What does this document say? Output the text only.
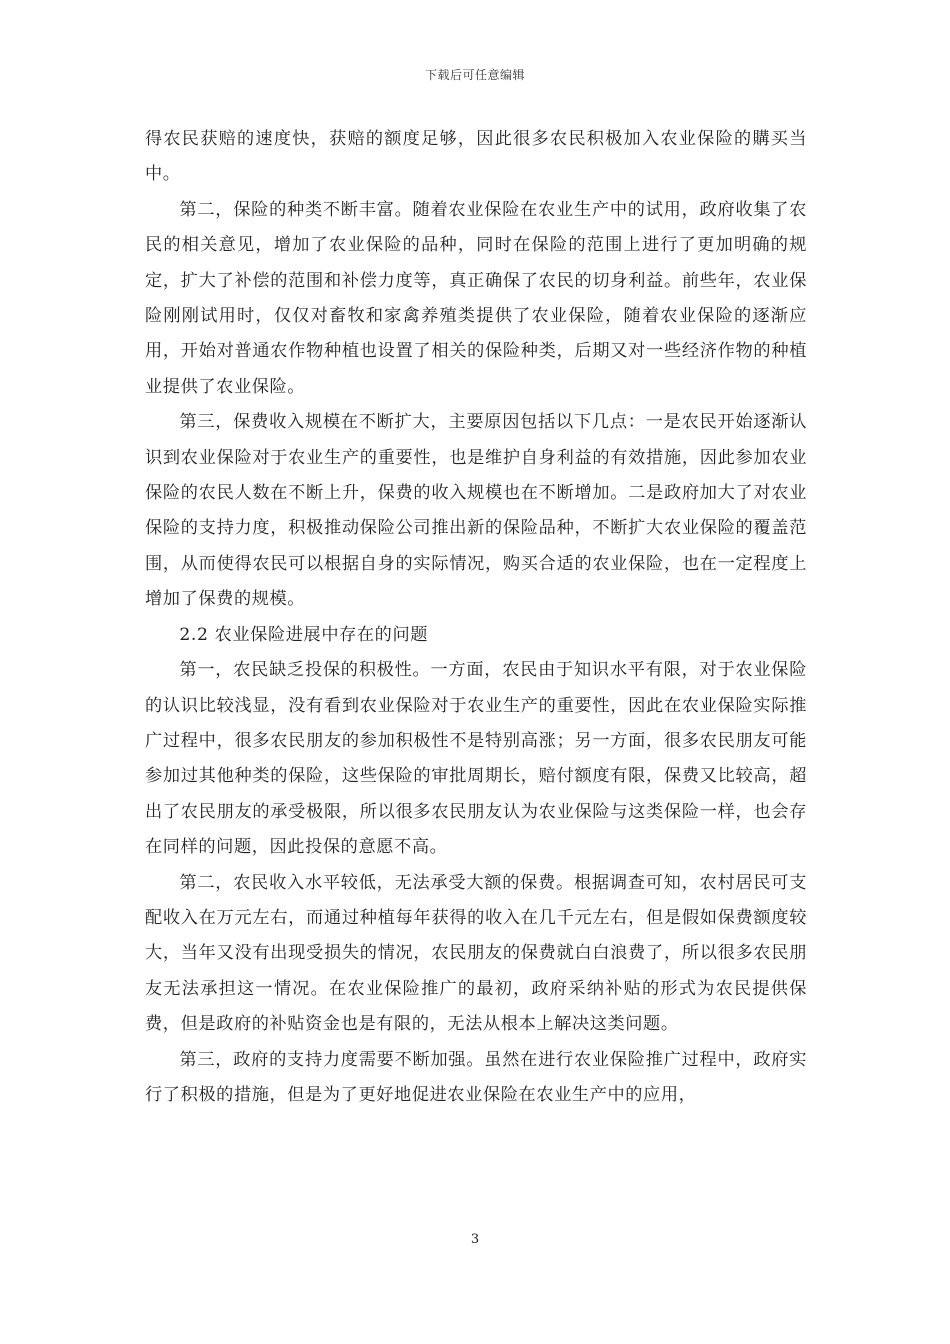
下载后可任意编辑

得农民获赔的速度快，获赔的额度足够，因此很多农民积极加入农业保险的購买当中。

第二，保险的种类不断丰富。随着农业保险在农业生产中的试用，政府收集了农民的相关意见，增加了农业保险的品种，同时在保险的范围上进行了更加明确的规定，扩大了补偿的范围和补偿力度等，真正确保了农民的切身利益。前些年，农业保险刚刚试用时，仅仅对畜牧和家禽养殖类提供了农业保险，随着农业保险的逐渐应用，开始对普通农作物种植也设置了相关的保险种类，后期又对一些经济作物的种植业提供了农业保险。

第三，保费收入规模在不断扩大，主要原因包括以下几点：一是农民开始逐渐认识到农业保险对于农业生产的重要性，也是维护自身利益的有效措施，因此参加农业保险的农民人数在不断上升，保费的收入规模也在不断增加。二是政府加大了对农业保险的支持力度，积极推动保险公司推出新的保险品种，不断扩大农业保险的覆盖范围，从而使得农民可以根据自身的实际情况，购买合适的农业保险，也在一定程度上增加了保费的规模。

2.2 农业保险进展中存在的问题

第一，农民缺乏投保的积极性。一方面，农民由于知识水平有限，对于农业保险的认识比较浅显，没有看到农业保险对于农业生产的重要性，因此在农业保险实际推广过程中，很多农民朋友的参加积极性不是特别高涨；另一方面，很多农民朋友可能参加过其他种类的保险，这些保险的审批周期长，赔付额度有限，保费又比较高，超出了农民朋友的承受极限，所以很多农民朋友认为农业保险与这类保险一样，也会存在同样的问题，因此投保的意愿不高。

第二，农民收入水平较低，无法承受大额的保费。根据调查可知，农村居民可支配收入在万元左右，而通过种植每年获得的收入在几千元左右，但是假如保费额度较大，当年又没有出现受损失的情况，农民朋友的保费就白白浪费了，所以很多农民朋友无法承担这一情况。在农业保险推广的最初，政府采纳补贴的形式为农民提供保费，但是政府的补贴资金也是有限的，无法从根本上解决这类问题。

第三，政府的支持力度需要不断加强。虽然在进行农业保险推广过程中，政府实行了积极的措施，但是为了更好地促进农业保险在农业生产中的应用，

3
